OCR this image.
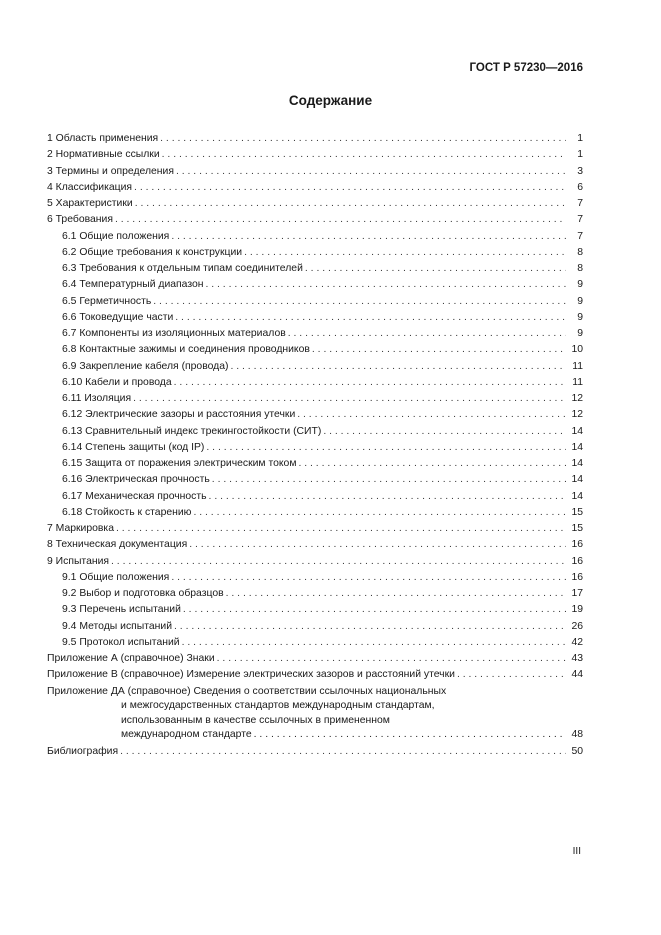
ГОСТ Р 57230—2016
Содержание
1 Область применения . . .	1
2 Нормативные ссылки . . .	1
3 Термины и определения . . .	3
4 Классификация . . .	6
5 Характеристики . . .	7
6 Требования . . .	7
6.1 Общие положения . . .	7
6.2 Общие требования к конструкции . . .	8
6.3 Требования к отдельным типам соединителей . . .	8
6.4 Температурный диапазон . . .	9
6.5 Герметичность . . .	9
6.6 Токоведущие части . . .	9
6.7 Компоненты из изоляционных материалов . . .	9
6.8 Контактные зажимы и соединения проводников . . .	10
6.9 Закрепление кабеля (провода) . . .	11
6.10 Кабели и провода . . .	11
6.11 Изоляция . . .	12
6.12 Электрические зазоры и расстояния утечки . . .	12
6.13 Сравнительный индекс трекингостойкости (СИТ) . . .	14
6.14 Степень защиты (код IP) . . .	14
6.15 Защита от поражения электрическим током . . .	14
6.16 Электрическая прочность . . .	14
6.17 Механическая прочность . . .	14
6.18 Стойкость к старению . . .	15
7 Маркировка . . .	15
8 Техническая документация . . .	16
9 Испытания . . .	16
9.1 Общие положения . . .	16
9.2 Выбор и подготовка образцов . . .	17
9.3 Перечень испытаний . . .	19
9.4 Методы испытаний . . .	26
9.5 Протокол испытаний . . .	42
Приложение А (справочное) Знаки . . .	43
Приложение В (справочное) Измерение электрических зазоров и расстояний утечки . . .	44
Приложение ДА (справочное) Сведения о соответствии ссылочных национальных
и межгосударственных стандартов международным стандартам,
использованным в качестве ссылочных в примененном
международном стандарте . . .	48
Библиография . . .	50
III
